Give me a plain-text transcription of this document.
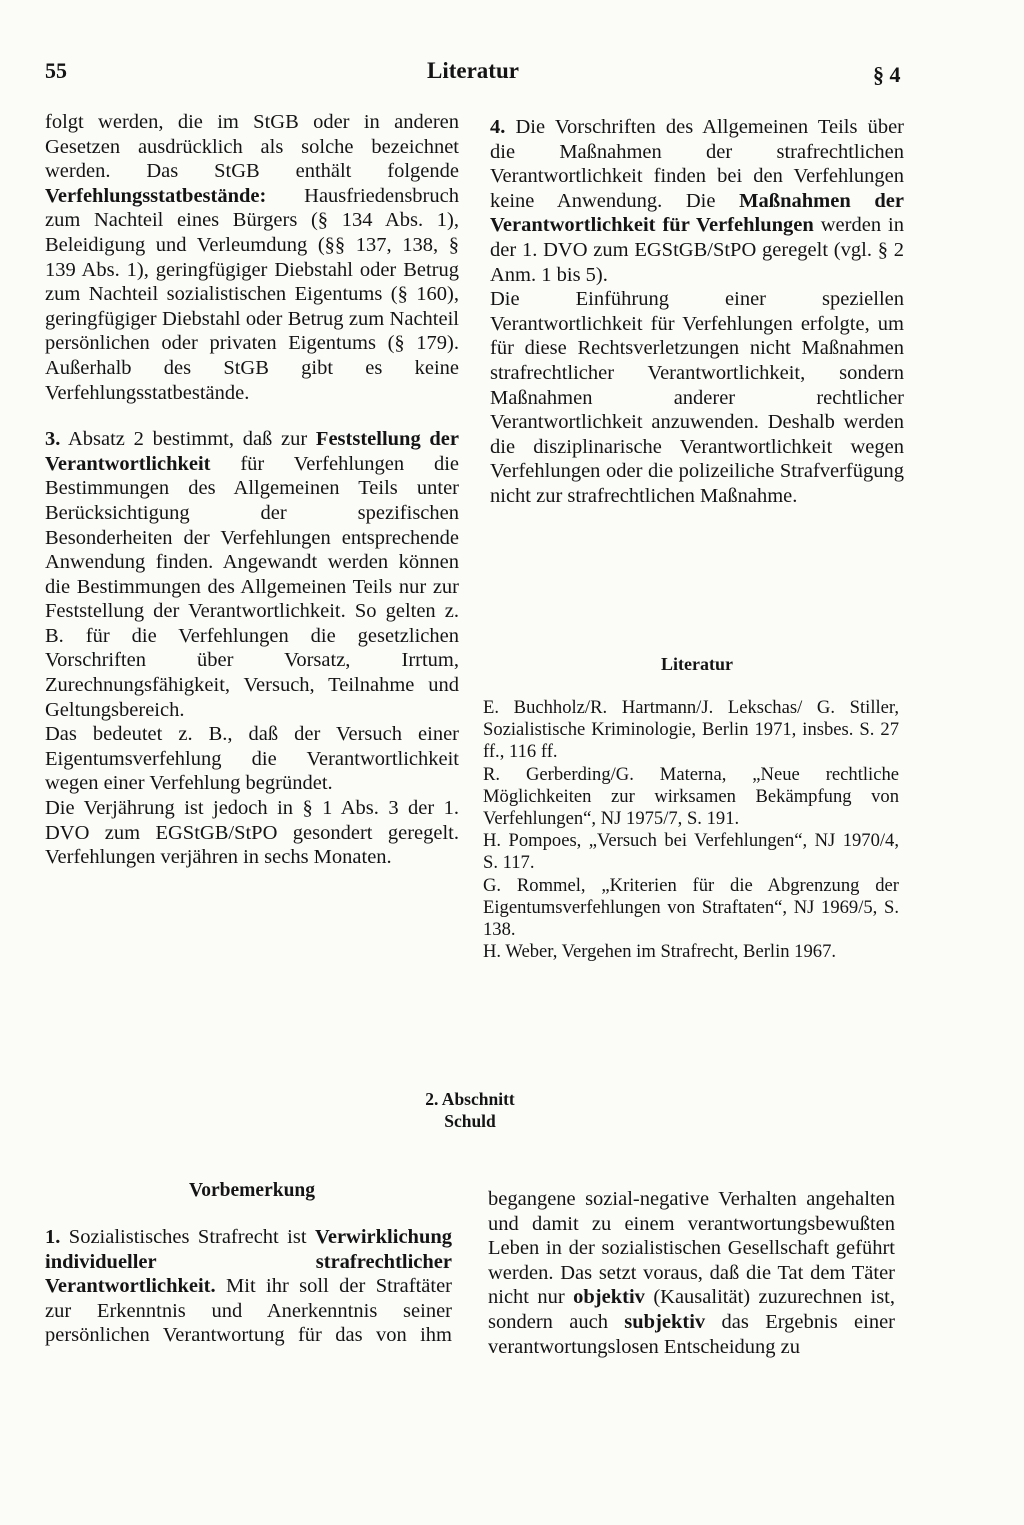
55	Literatur	§ 4

folgt werden, die im StGB oder in anderen Gesetzen ausdrücklich als solche bezeichnet werden. Das StGB enthält folgende Verfehlungsstatbestände: Hausfriedensbruch zum Nachteil eines Bürgers (§ 134 Abs. 1), Beleidigung und Verleumdung (§§ 137, 138, § 139 Abs. 1), geringfügiger Diebstahl oder Betrug zum Nachteil sozialistischen Eigentums (§ 160), geringfügiger Diebstahl oder Betrug zum Nachteil persönlichen oder privaten Eigentums (§ 179). Außerhalb des StGB gibt es keine Verfehlungsstatbestände.

3. Absatz 2 bestimmt, daß zur Feststellung der Verantwortlichkeit für Verfehlungen die Bestimmungen des Allgemeinen Teils unter Berücksichtigung der spezifischen Besonderheiten der Verfehlungen entsprechende Anwendung finden. Angewandt werden können die Bestimmungen des Allgemeinen Teils nur zur Feststellung der Verantwortlichkeit. So gelten z. B. für die Verfehlungen die gesetzlichen Vorschriften über Vorsatz, Irrtum, Zurechnungsfähigkeit, Versuch, Teilnahme und Geltungsbereich.

Das bedeutet z. B., daß der Versuch einer Eigentumsverfehlung die Verantwortlichkeit wegen einer Verfehlung begründet.

Die Verjährung ist jedoch in § 1 Abs. 3 der 1. DVO zum EGStGB/StPO gesondert geregelt. Verfehlungen verjähren in sechs Monaten.

4. Die Vorschriften des Allgemeinen Teils über die Maßnahmen der strafrechtlichen Verantwortlichkeit finden bei den Verfehlungen keine Anwendung. Die Maßnahmen der Verantwortlichkeit für Verfehlungen werden in der 1. DVO zum EGStGB/StPO geregelt (vgl. § 2 Anm. 1 bis 5).

Die Einführung einer speziellen Verantwortlichkeit für Verfehlungen erfolgte, um für diese Rechtsverletzungen nicht Maßnahmen strafrechtlicher Verantwortlichkeit, sondern Maßnahmen anderer rechtlicher Verantwortlichkeit anzuwenden. Deshalb werden die disziplinarische Verantwortlichkeit wegen Verfehlungen oder die polizeiliche Strafverfügung nicht zur strafrechtlichen Maßnahme.

Literatur

E. Buchholz/R. Hartmann/J. Lekschas/ G. Stiller, Sozialistische Kriminologie, Berlin 1971, insbes. S. 27 ff., 116 ff.

R. Gerberding/G. Materna, „Neue rechtliche Möglichkeiten zur wirksamen Bekämpfung von Verfehlungen“, NJ 1975/7, S. 191.

H. Pompoes, „Versuch bei Verfehlungen“, NJ 1970/4, S. 117.

G. Rommel, „Kriterien für die Abgrenzung der Eigentumsverfehlungen von Straftaten“, NJ 1969/5, S. 138.

H. Weber, Vergehen im Strafrecht, Berlin 1967.

2. Abschnitt
Schuld
Vorbemerkung

1. Sozialistisches Strafrecht ist Verwirklichung individueller strafrechtlicher Verantwortlichkeit. Mit ihr soll der Straftäter zur Erkenntnis und Anerkenntnis seiner persönlichen Verantwortung für das von ihm begangene sozial-negative Verhalten angehalten und damit zu einem verantwortungsbewußten Leben in der sozialistischen Gesellschaft geführt werden. Das setzt voraus, daß die Tat dem Täter nicht nur objektiv (Kausalität) zuzurechnen ist, sondern auch subjektiv das Ergebnis einer verantwortungslosen Entscheidung zu
